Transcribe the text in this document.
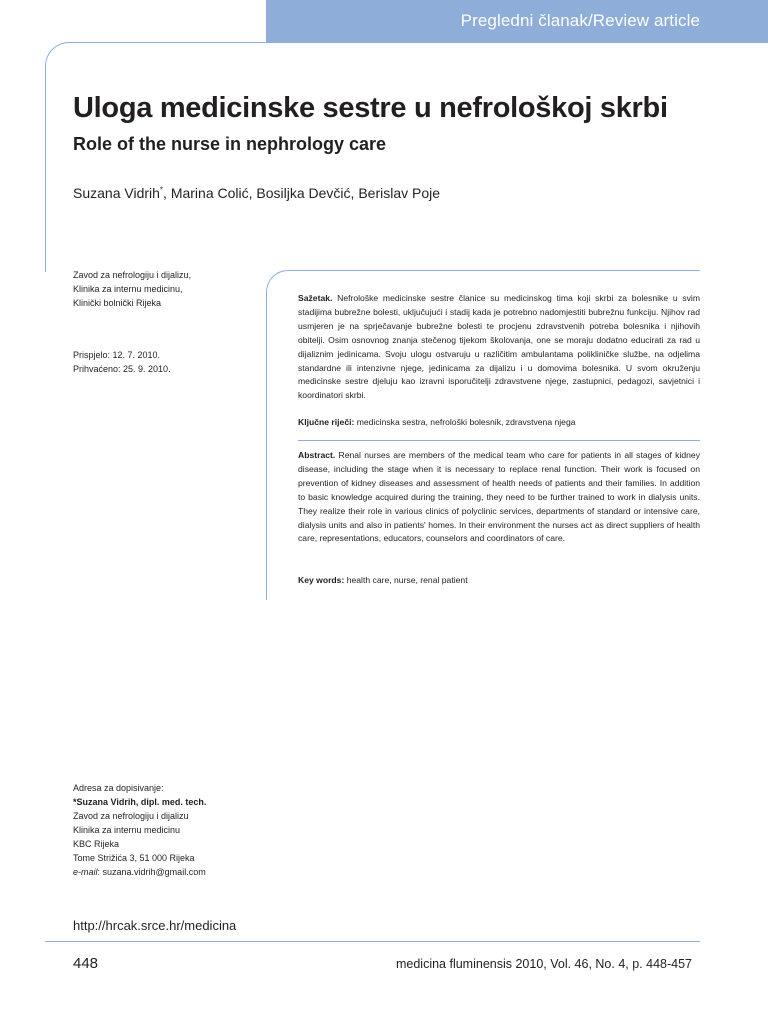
Pregledni članak/Review article
Uloga medicinske sestre u nefrološkoj skrbi
Role of the nurse in nephrology care
Suzana Vidrih*, Marina Colić, Bosiljka Devčić, Berislav Poje
Zavod za nefrologiju i dijalizu,
Klinika za internu medicinu,
Klinički bolnički Rijeka
Prispjelo: 12. 7. 2010.
Prihvaćeno: 25. 9. 2010.
Sažetak. Nefrološke medicinske sestre članice su medicinskog tima koji skrbi za bolesnike u svim stadijima bubrežne bolesti, uključujući i stadij kada je potrebno nadomjestiti bubrežnu funkciju. Njihov rad usmjeren je na sprječavanje bubrežne bolesti te procjenu zdravstvenih potreba bolesnika i njihovih obitelji. Osim osnovnog znanja stečenog tijekom školovanja, one se moraju dodatno educirati za rad u dijaliznim jedinicama. Svoju ulogu ostvaruju u različitim ambulantama polikliničke službe, na odjelima standardne ili intenzivne njege, jedinicama za dijalizu i u domovima bolesnika. U svom okruženju medicinske sestre djeluju kao izravni isporučitelji zdravstvene njege, zastupnici, pedagozi, savjetnici i koordinatori skrbi.
Ključne riječi: medicinska sestra, nefrološki bolesnik, zdravstvena njega
Abstract. Renal nurses are members of the medical team who care for patients in all stages of kidney disease, including the stage when it is necessary to replace renal function. Their work is focused on prevention of kidney diseases and assessment of health needs of patients and their families. In addition to basic knowledge acquired during the training, they need to be further trained to work in dialysis units. They realize their role in various clinics of polyclinic services, departments of standard or intensive care, dialysis units and also in patients' homes. In their environment the nurses act as direct suppliers of health care, representations, educators, counselors and coordinators of care.
Key words: health care, nurse, renal patient
Adresa za dopisivanje:
*Suzana Vidrih, dipl. med. tech.
Zavod za nefrologiju i dijalizu
Klinika za internu medicinu
KBC Rijeka
Tome Strižića 3, 51 000 Rijeka
e-mail: suzana.vidrih@gmail.com
http://hrcak.srce.hr/medicina
448	medicina fluminensis 2010, Vol. 46, No. 4, p. 448-457
